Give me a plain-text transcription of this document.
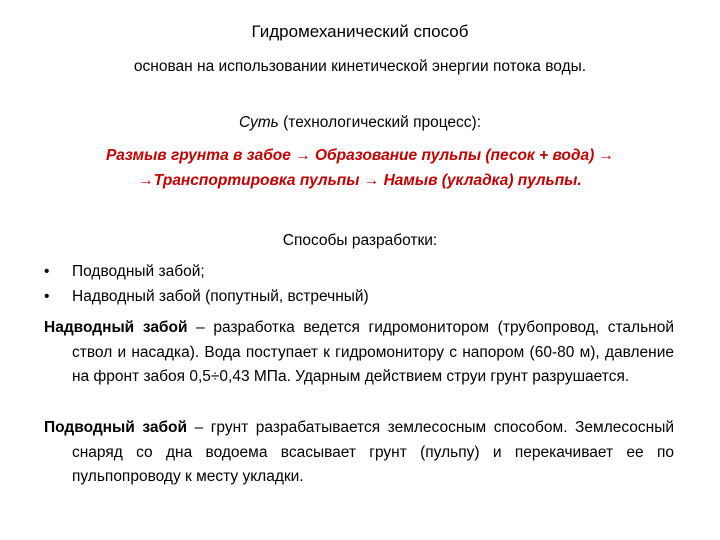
Гидромеханический способ
основан на использовании кинетической энергии потока воды.
Суть (технологический процесс):
Размыв грунта в забое → Образование пульпы (песок + вода) →
→Транспортировка пульпы → Намыв (укладка) пульпы.
Способы разработки:
• Подводный забой;
• Надводный забой (попутный, встречный)
Надводный забой – разработка ведется гидромонитором (трубопровод, стальной ствол и насадка). Вода поступает к гидромонитору с напором (60-80 м), давление на фронт забоя 0,5÷0,43 МПа. Ударным действием струи грунт разрушается.
Подводный забой – грунт разрабатывается землесосным способом. Землесосный снаряд со дна водоема всасывает грунт (пульпу) и перекачивает ее по пульпопроводу к месту укладки.
